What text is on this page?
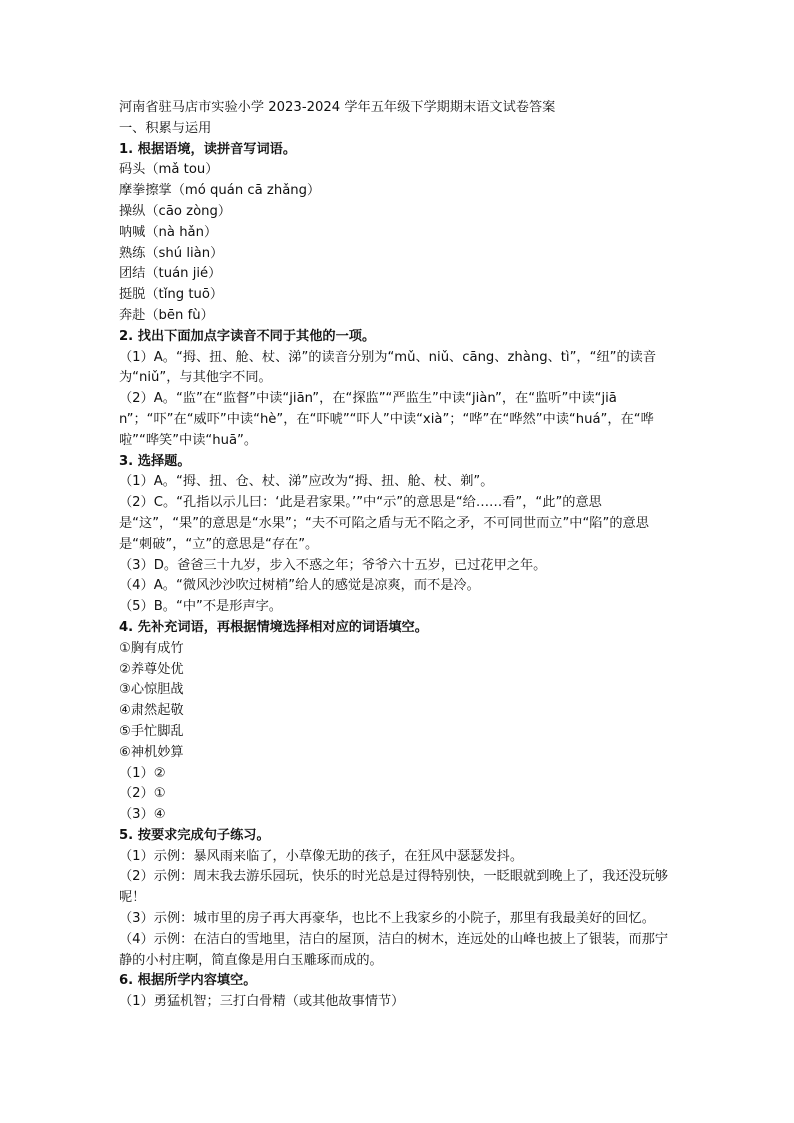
河南省驻马店市实验小学 2023-2024 学年五年级下学期期末语文试卷答案
一、积累与运用
1. 根据语境，读拼音写词语。
码头（mǎ tou）
摩拳擦掌（mó quán cā zhǎng）
操纵（cāo zòng）
呐喊（nà hǎn）
熟练（shú liàn）
团结（tuán jié）
挺脱（tǐng tuō）
奔赴（bēn fù）
2. 找出下面加点字读音不同于其他的一项。
（1）A。“拇、扭、舱、杖、涕”的读音分别为“mǔ、niǔ、cāng、zhàng、tì”，“纽”的读音为“niǔ”，与其他字不同。
（2）A。“监”在“监督”中读“jiān”，在“探监”“严监生”中读“jiàn”，在“监听”中读“jiān”；“吓”在“威吓”中读“hè”，在“吓唬”“吓人”中读“xià”；“哗”在“哗然”中读“huá”，在“哗啦”“哗笑”中读“huā”。
3. 选择题。
（1）A。“拇、扭、仓、杖、涕”应改为“拇、扭、舱、杖、剃”。
（2）C。“孔指以示儿曰：‘此是君家果。’”中“示”的意思是“给……看”，“此”的意思是“这”，“果”的意思是“水果”；“夫不可陷之盾与无不陷之矛，不可同世而立”中“陷”的意思是“刺破”，“立”的意思是“存在”。
（3）D。爸爸三十九岁，步入不惑之年；爷爷六十五岁，已过花甲之年。
（4）A。“微风沙沙吹过树梢”给人的感觉是凉爽，而不是冷。
（5）B。“中”不是形声字。
4. 先补充词语，再根据情境选择相对应的词语填空。
①胸有成竹
②养尊处优
③心惊胆战
④肃然起敬
⑤手忙脚乱
⑥神机妙算
（1）②
（2）①
（3）④
5. 按要求完成句子练习。
（1）示例：暴风雨来临了，小草像无助的孩子，在狂风中瑟瑟发抖。
（2）示例：周末我去游乐园玩，快乐的时光总是过得特别快，一眨眼就到晚上了，我还没玩够呢！
（3）示例：城市里的房子再大再豪华，也比不上我家乡的小院子，那里有我最美好的回忆。
（4）示例：在洁白的雪地里，洁白的屋顶，洁白的树木，连远处的山峰也披上了银装，而那宁静的小村庄啊，简直像是用白玉雕琢而成的。
6. 根据所学内容填空。
（1）勇猛机智；三打白骨精（或其他故事情节）
